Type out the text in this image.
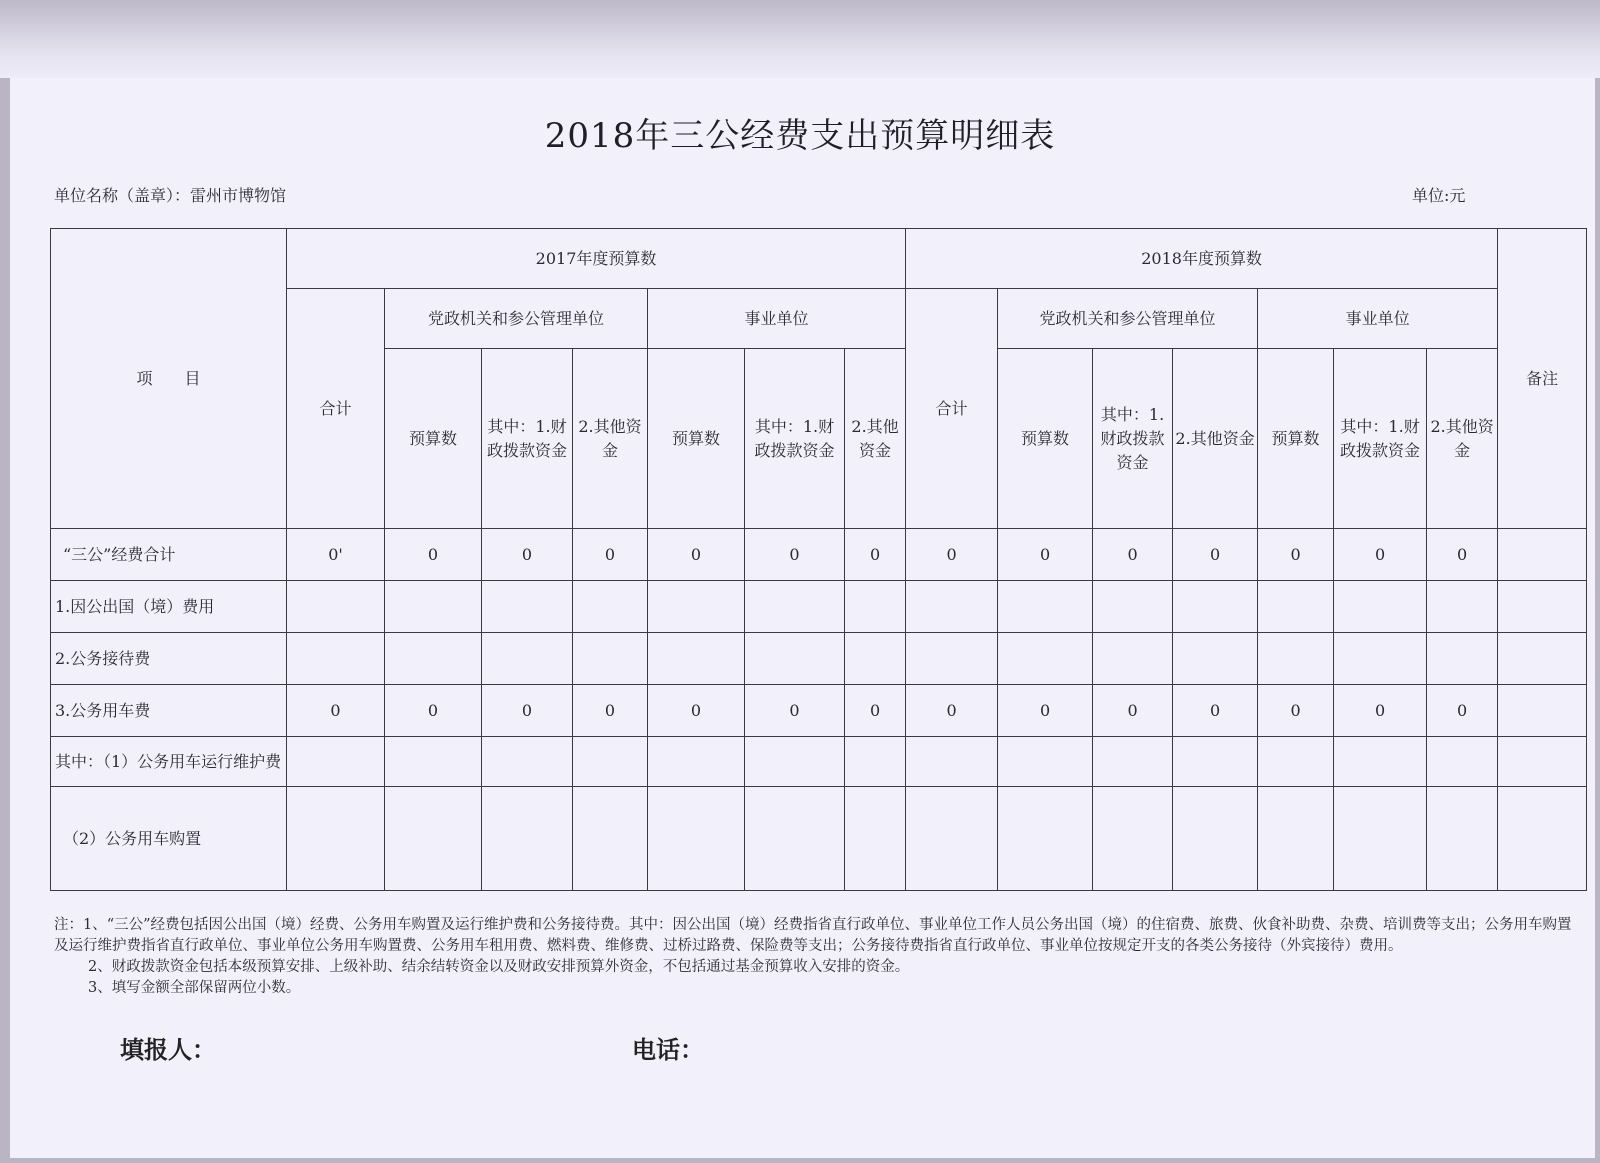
2018年三公经费支出预算明细表
单位名称（盖章）：雷州市博物馆	单位:元
项　　目	2017年度预算数							2018年度预算数							备注
	合计	党政机关和参公管理单位			事业单位			合计	党政机关和参公管理单位			事业单位			
		预算数	其中：1.财政拨款资金	2.其他资金	预算数	其中：1.财政拨款资金	2.其他资金		预算数	其中：1.财政拨款资金	2.其他资金	预算数	其中：1.财政拨款资金	2.其他资金	
“三公”经费合计	0'	0	0	0	0	0	0	0	0	0	0	0	0	0	
1.因公出国（境）费用															
2.公务接待费															
3.公务用车费	0	0	0	0	0	0	0	0	0	0	0	0	0	0	
其中：（1）公务用车运行维护费															
（2）公务用车购置															

注：1、“三公”经费包括因公出国（境）经费、公务用车购置及运行维护费和公务接待费。其中：因公出国（境）经费指省直行政单位、事业单位工作人员公务出国（境）的住宿费、旅费、伙食补助费、杂费、培训费等支出；公务用车购置及运行维护费指省直行政单位、事业单位公务用车购置费、公务用车租用费、燃料费、维修费、过桥过路费、保险费等支出；公务接待费指省直行政单位、事业单位按规定开支的各类公务接待（外宾接待）费用。

2、财政拨款资金包括本级预算安排、上级补助、结余结转资金以及财政安排预算外资金，不包括通过基金预算收入安排的资金。

3、填写金额全部保留两位小数。

填报人：	电话：
